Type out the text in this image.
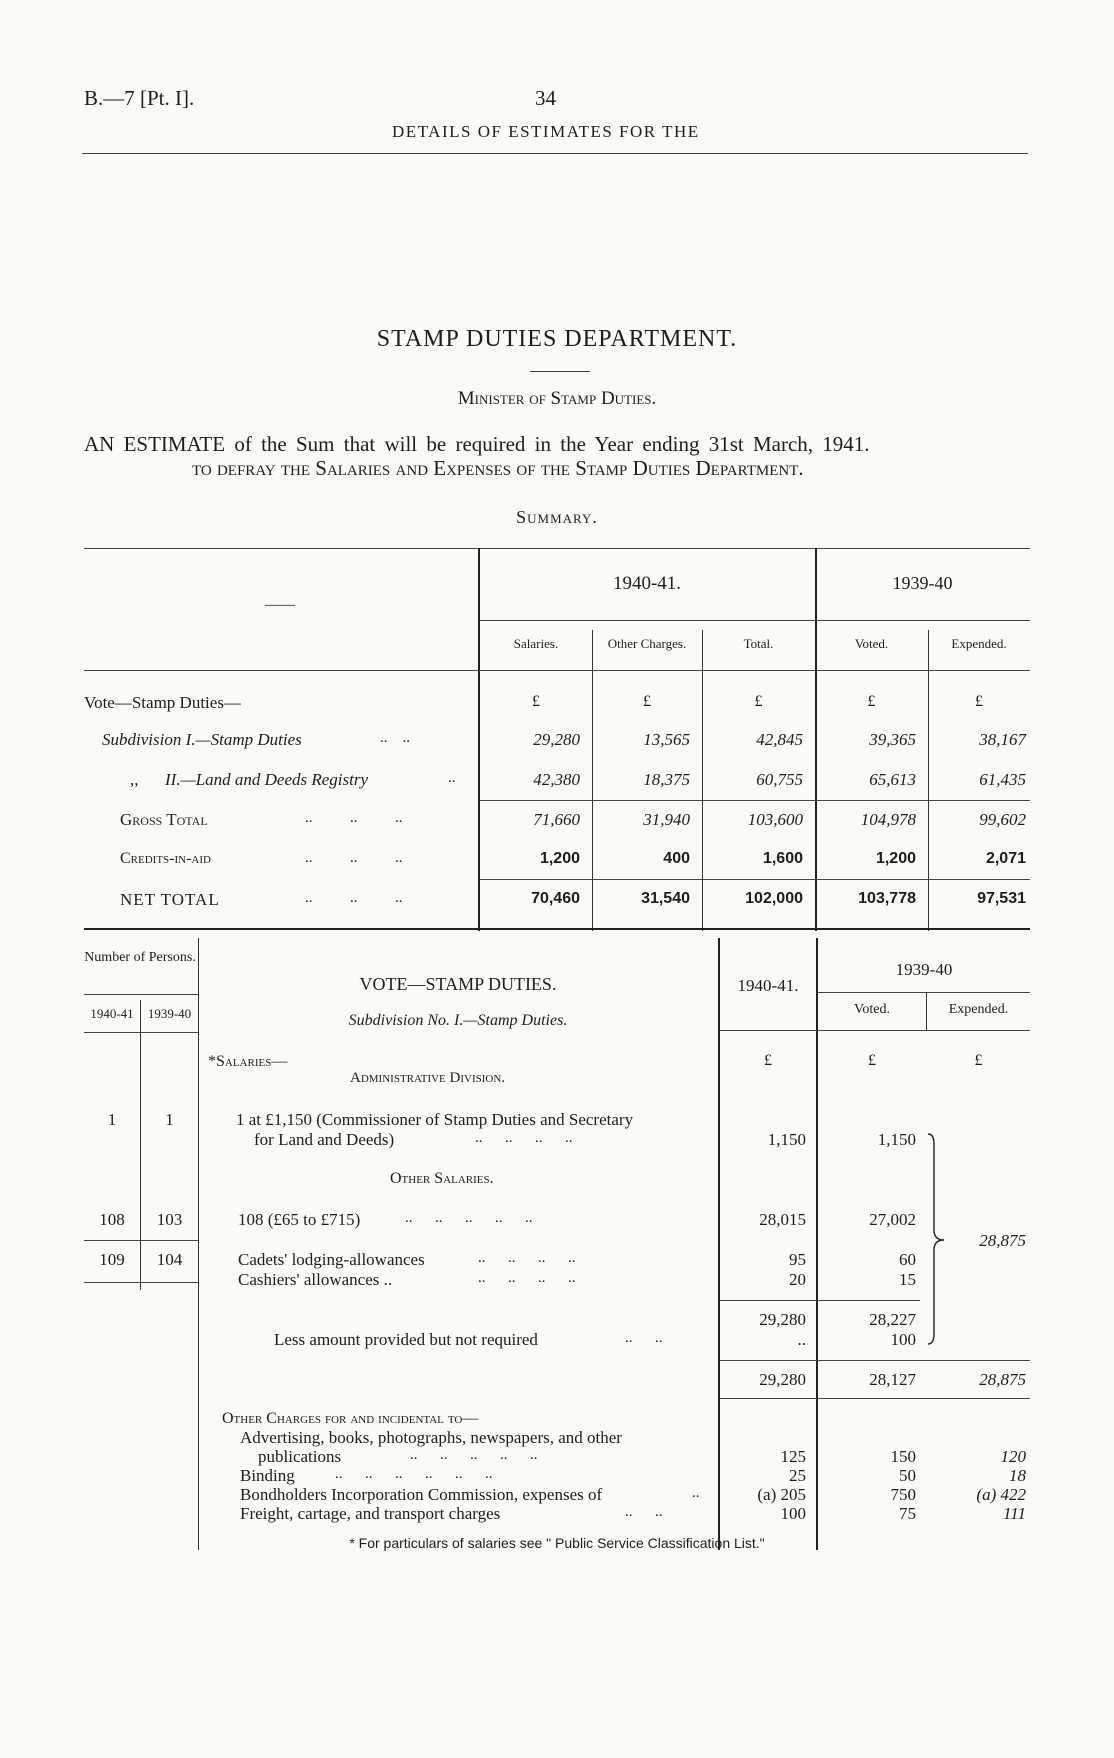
B.—7 [Pt. I].	34
DETAILS OF ESTIMATES FOR THE
STAMP DUTIES DEPARTMENT.
Minister of Stamp Duties.
AN ESTIMATE of the Sum that will be required in the Year ending 31st March, 1941.
to defray the Salaries and Expenses of the Stamp Duties Department.
Summary.
——
1940-41.	1939-40
Salaries.	Other Charges.	Total.	Voted.	Expended.
Vote—Stamp Duties—	£	£	£	£	£
Subdivision I.—Stamp Duties	..    ..	29,280	13,565	42,845	39,365	38,167
,, II.—Land and Deeds Registry	..	42,380	18,375	60,755	65,613	61,435
Gross Total	..          ..          ..	71,660	31,940	103,600	104,978	99,602
Credits-in-aid	..          ..          ..	1,200	400	1,600	1,200	2,071
NET TOTAL	..          ..          ..	70,460	31,540	102,000	103,778	97,531
Number of Persons.
1940-41	1939-40
VOTE—STAMP DUTIES.
Subdivision No. I.—Stamp Duties.
1940-41.
1939-40
Voted.	Expended.
£	£	£
*Salaries—
Administrative Division.
1	1	1 at £1,150 (Commissioner of Stamp Duties and Secretary
for Land and Deeds)	..      ..      ..      ..	1,150	1,150
Other Salaries.
108	103	108 (£65 to £715)	..      ..      ..      ..      ..	28,015	27,002
109	104	Cadets' lodging-allowances	..      ..      ..      ..	95	60
Cashiers' allowances ..	..      ..      ..      ..	20	15
28,875
29,280	28,227
Less amount provided but not required	..      ..	..	100
29,280	28,127	28,875
Other Charges for and incidental to—
Advertising, books, photographs, newspapers, and other
publications	..      ..      ..      ..      ..	125	150	120
Binding	..      ..      ..      ..      ..      ..	25	50	18
Bondholders Incorporation Commission, expenses of	..	(a) 205	750	(a) 422
Freight, cartage, and transport charges	..      ..	100	75	111
* For particulars of salaries see " Public Service Classification List."
